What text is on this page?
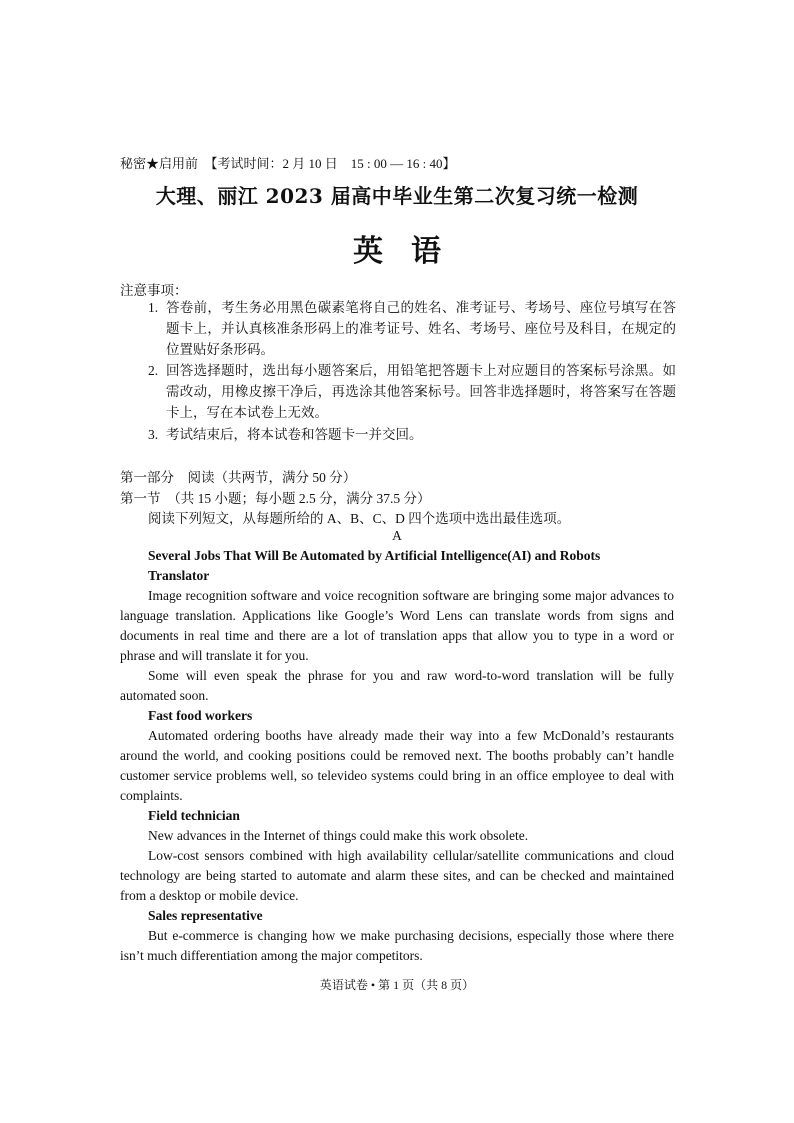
秘密★启用前　【考试时间：2 月 10 日　15 : 00 — 16 : 40】
大理、丽江 2023 届高中毕业生第二次复习统一检测
英语
注意事项：
1. 答卷前，考生务必用黑色碳素笔将自己的姓名、准考证号、考场号、座位号填写在答题卡上，并认真核准条形码上的准考证号、姓名、考场号、座位号及科目，在规定的位置贴好条形码。
2. 回答选择题时，选出每小题答案后，用铅笔把答题卡上对应题目的答案标号涂黑。如需改动，用橡皮擦干净后，再选涂其他答案标号。回答非选择题时，将答案写在答题卡上，写在本试卷上无效。
3. 考试结束后，将本试卷和答题卡一并交回。
第一部分　阅读（共两节，满分 50 分）
第一节　（共 15 小题；每小题 2.5 分，满分 37.5 分）
阅读下列短文，从每题所给的 A、B、C、D 四个选项中选出最佳选项。
A
Several Jobs That Will Be Automated by Artificial Intelligence(AI) and Robots
Translator
Image recognition software and voice recognition software are bringing some major advances to language translation. Applications like Google’s Word Lens can translate words from signs and documents in real time and there are a lot of translation apps that allow you to type in a word or phrase and will translate it for you.
Some will even speak the phrase for you and raw word-to-word translation will be fully automated soon.
Fast food workers
Automated ordering booths have already made their way into a few McDonald’s restaurants around the world, and cooking positions could be removed next. The booths probably can’t handle customer service problems well, so televideo systems could bring in an office employee to deal with complaints.
Field technician
New advances in the Internet of things could make this work obsolete.
Low-cost sensors combined with high availability cellular/satellite communications and cloud technology are being started to automate and alarm these sites, and can be checked and maintained from a desktop or mobile device.
Sales representative
But e-commerce is changing how we make purchasing decisions, especially those where there isn’t much differentiation among the major competitors.
英语试卷 • 第 1 页（共 8 页）
